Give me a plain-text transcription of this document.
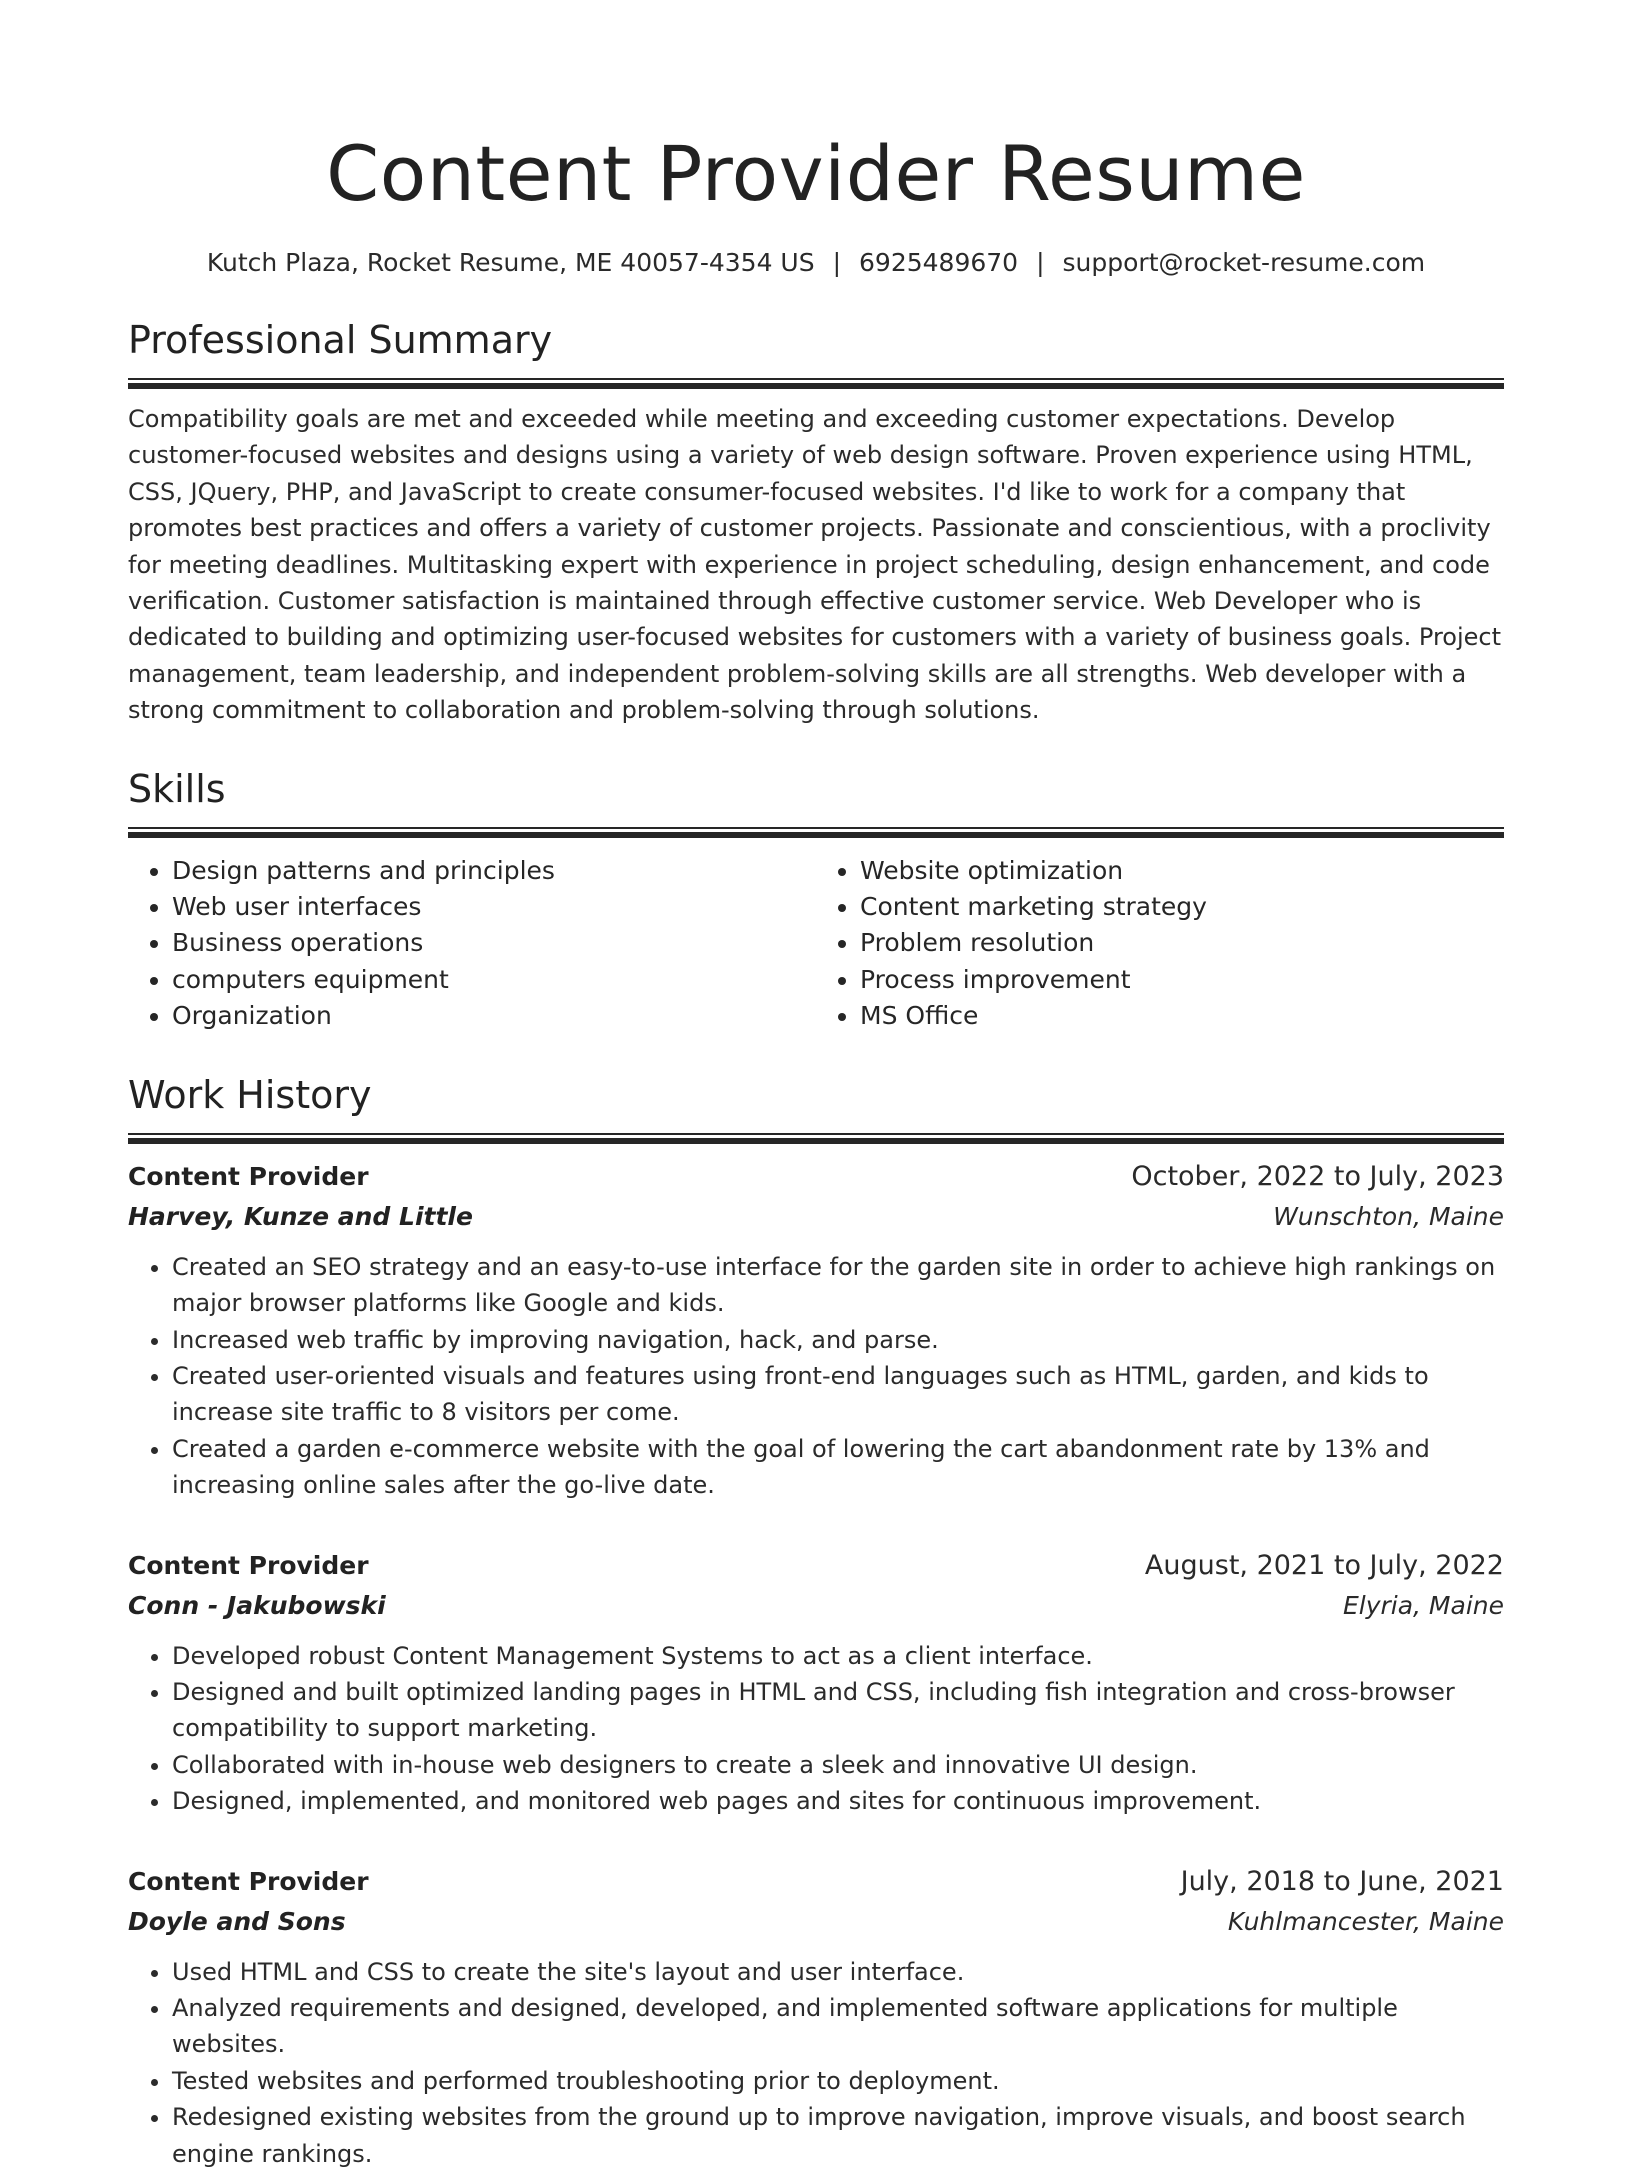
Content Provider Resume
Kutch Plaza, Rocket Resume, ME 40057-4354 US | 6925489670 | support@rocket-resume.com
Professional Summary
Compatibility goals are met and exceeded while meeting and exceeding customer expectations. Develop customer-focused websites and designs using a variety of web design software. Proven experience using HTML, CSS, JQuery, PHP, and JavaScript to create consumer-focused websites. I'd like to work for a company that promotes best practices and offers a variety of customer projects. Passionate and conscientious, with a proclivity for meeting deadlines. Multitasking expert with experience in project scheduling, design enhancement, and code verification. Customer satisfaction is maintained through effective customer service. Web Developer who is dedicated to building and optimizing user-focused websites for customers with a variety of business goals. Project management, team leadership, and independent problem-solving skills are all strengths. Web developer with a strong commitment to collaboration and problem-solving through solutions.
Skills
• Design patterns and principles
• Web user interfaces
• Business operations
• computers equipment
• Organization
• Website optimization
• Content marketing strategy
• Problem resolution
• Process improvement
• MS Office
Work History
Content Provider	October, 2022 to July, 2023
Harvey, Kunze and Little	Wunschton, Maine
• Created an SEO strategy and an easy-to-use interface for the garden site in order to achieve high rankings on major browser platforms like Google and kids.
• Increased web traffic by improving navigation, hack, and parse.
• Created user-oriented visuals and features using front-end languages such as HTML, garden, and kids to increase site traffic to 8 visitors per come.
• Created a garden e-commerce website with the goal of lowering the cart abandonment rate by 13% and increasing online sales after the go-live date.
Content Provider	August, 2021 to July, 2022
Conn - Jakubowski	Elyria, Maine
• Developed robust Content Management Systems to act as a client interface.
• Designed and built optimized landing pages in HTML and CSS, including fish integration and cross-browser compatibility to support marketing.
• Collaborated with in-house web designers to create a sleek and innovative UI design.
• Designed, implemented, and monitored web pages and sites for continuous improvement.
Content Provider	July, 2018 to June, 2021
Doyle and Sons	Kuhlmancester, Maine
• Used HTML and CSS to create the site's layout and user interface.
• Analyzed requirements and designed, developed, and implemented software applications for multiple websites.
• Tested websites and performed troubleshooting prior to deployment.
• Redesigned existing websites from the ground up to improve navigation, improve visuals, and boost search engine rankings.
